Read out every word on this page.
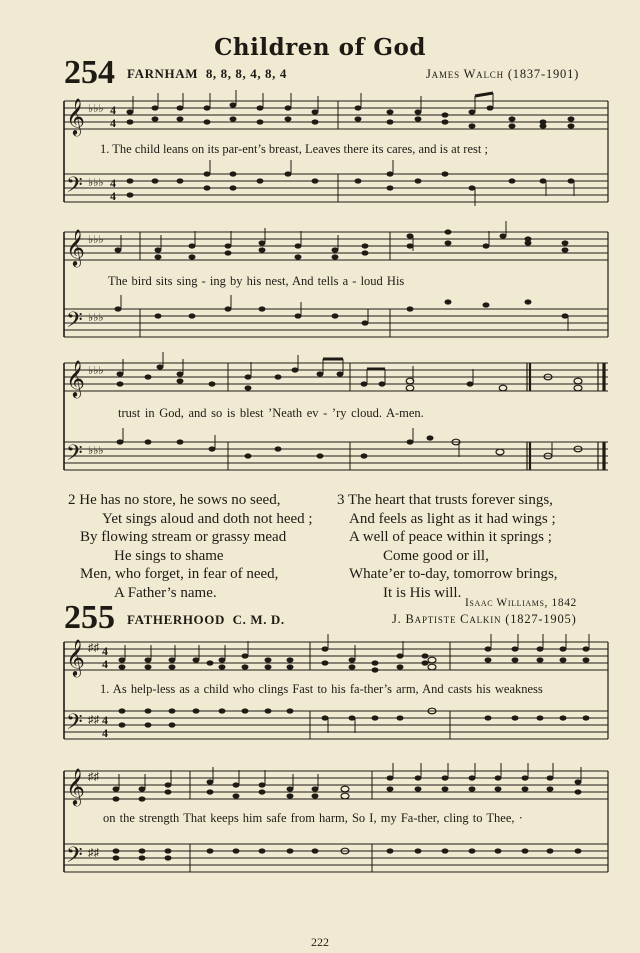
Children of God
254 FARNHAM 8, 8, 8, 4, 8, 4	James Walch (1837-1901)
𝄞
𝄢
♭♭♭
♭♭♭
4
4
4
4
1. The child leans on its par-ent’s breast, Leaves there its cares, and is at rest ;
𝄞
𝄢
♭♭♭
♭♭♭
The bird sits sing - ing by his nest, And tells a - loud His
𝄞
𝄢
♭♭♭
♭♭♭
trust in God, and so is blest ’Neath ev - ’ry cloud. A-men.
2 He has no store, he sows no seed,
Yet sings aloud and doth not heed ;
By flowing stream or grassy mead
He sings to shame
Men, who forget, in fear of need,
A Father’s name.
3 The heart that trusts forever sings,
And feels as light as it had wings ;
A well of peace within it springs ;
Come good or ill,
Whate’er to-day, tomorrow brings,
It is His will.
Isaac Williams, 1842
255 FATHERHOOD C. M. D.	J. Baptiste Calkin (1827-1905)
𝄞
𝄢
♯♯
♯♯
4
4
4
4
1. As help-less as a child who clings Fast to his fa-ther’s arm, And casts his weakness
𝄞
𝄢
♯♯
♯♯
on the strength That keeps him safe from harm, So I, my Fa-ther, cling to Thee, ·
222
